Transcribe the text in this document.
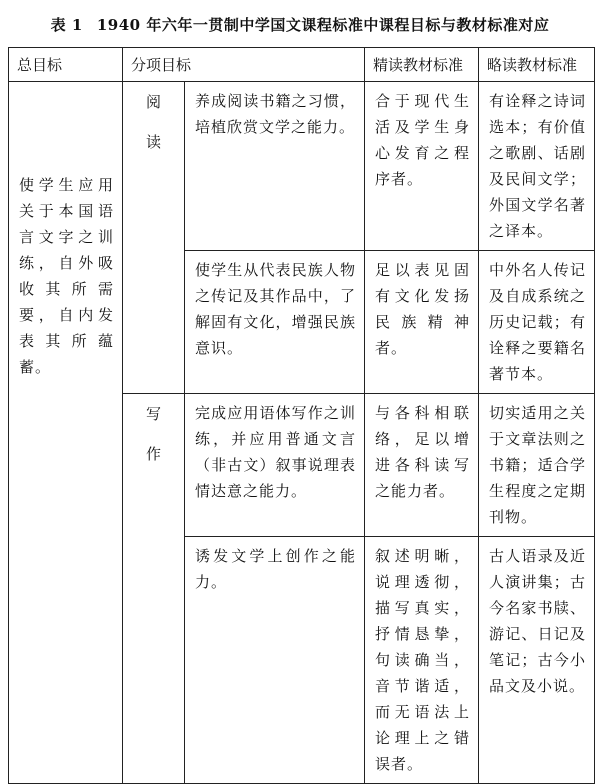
表 1 1940 年六年一贯制中学国文课程标准中课程目标与教材标准对应
总目标	分项目标		精读教材标准	略读教材标准

使学生应用关于本国语言文字之训练，自外吸收其所需要，自内发表其所蕴蓄。	阅读	养成阅读书籍之习惯，培植欣赏文学之能力。	合于现代生活及学生身心发育之程序者。	有诠释之诗词选本；有价值之歌剧、话剧及民间文学；外国文学名著之译本。

		使学生从代表民族人物之传记及其作品中，了解固有文化，增强民族意识。	足以表见固有文化发扬民族精神者。	中外名人传记及自成系统之历史记载；有诠释之要籍名著节本。

	写作	完成应用语体写作之训练，并应用普通文言（非古文）叙事说理表情达意之能力。	与各科相联络，足以增进各科读写之能力者。	切实适用之关于文章法则之书籍；适合学生程度之定期刊物。

		诱发文学上创作之能力。	叙述明晰，说理透彻，描写真实，抒情恳挚，句读确当，音节谐适，而无语法上论理上之错误者。	古人语录及近人演讲集；古今名家书牍、游记、日记及笔记；古今小品文及小说。
